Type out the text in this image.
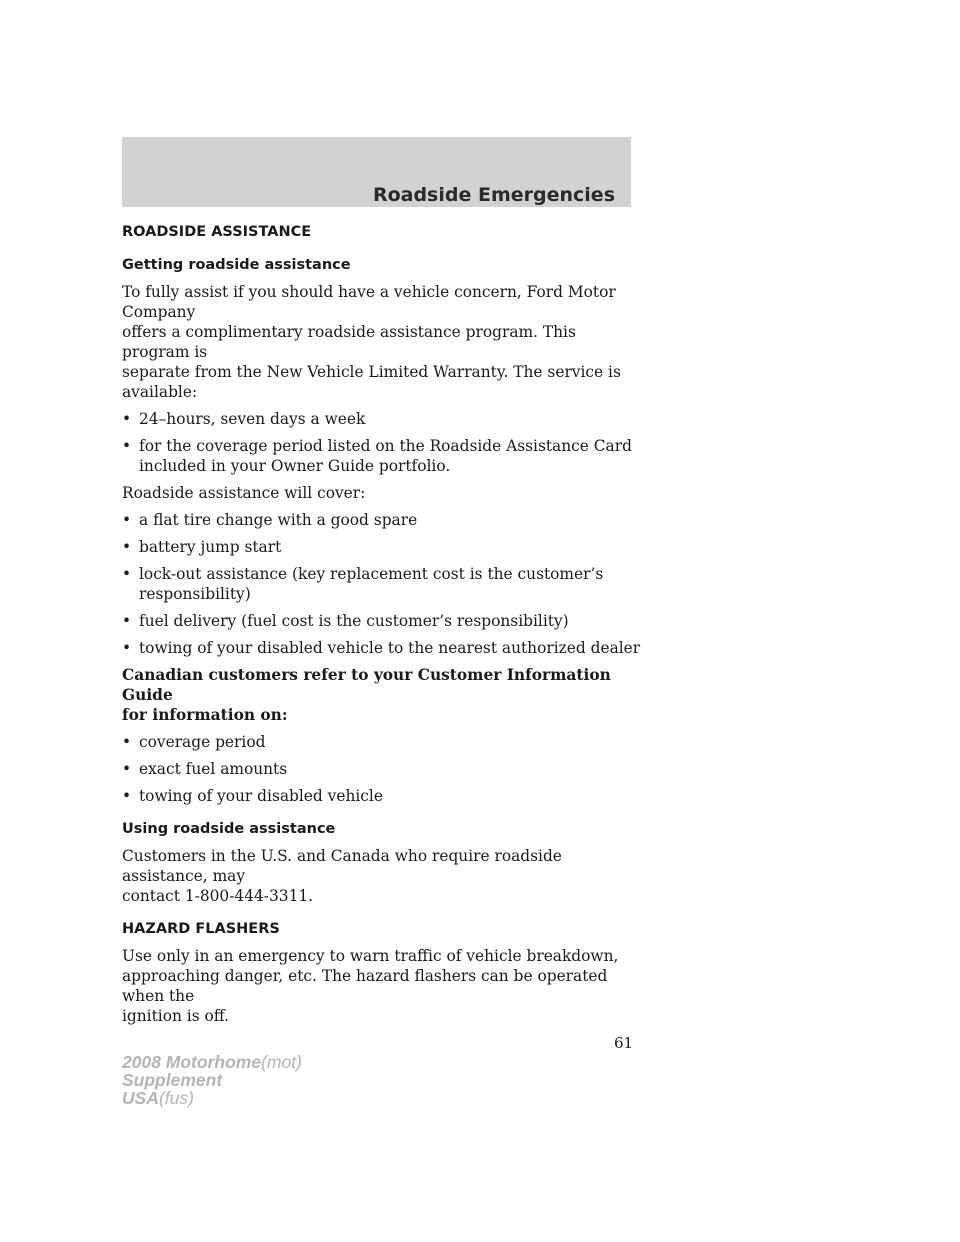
Roadside Emergencies
ROADSIDE ASSISTANCE
Getting roadside assistance

To fully assist if you should have a vehicle concern, Ford Motor Company
offers a complimentary roadside assistance program. This program is
separate from the New Vehicle Limited Warranty. The service is available:

• 24–hours, seven days a week
• for the coverage period listed on the Roadside Assistance Card
included in your Owner Guide portfolio.

Roadside assistance will cover:

• a flat tire change with a good spare
• battery jump start
• lock-out assistance (key replacement cost is the customer’s
responsibility)
• fuel delivery (fuel cost is the customer’s responsibility)
• towing of your disabled vehicle to the nearest authorized dealer

Canadian customers refer to your Customer Information Guide
for information on:

• coverage period
• exact fuel amounts
• towing of your disabled vehicle
Using roadside assistance

Customers in the U.S. and Canada who require roadside assistance, may
contact 1-800-444-3311.

HAZARD FLASHERS

Use only in an emergency to warn traffic of vehicle breakdown,
approaching danger, etc. The hazard flashers can be operated when the
ignition is off.

61
2008 Motorhome(mot)
Supplement
USA(fus)
